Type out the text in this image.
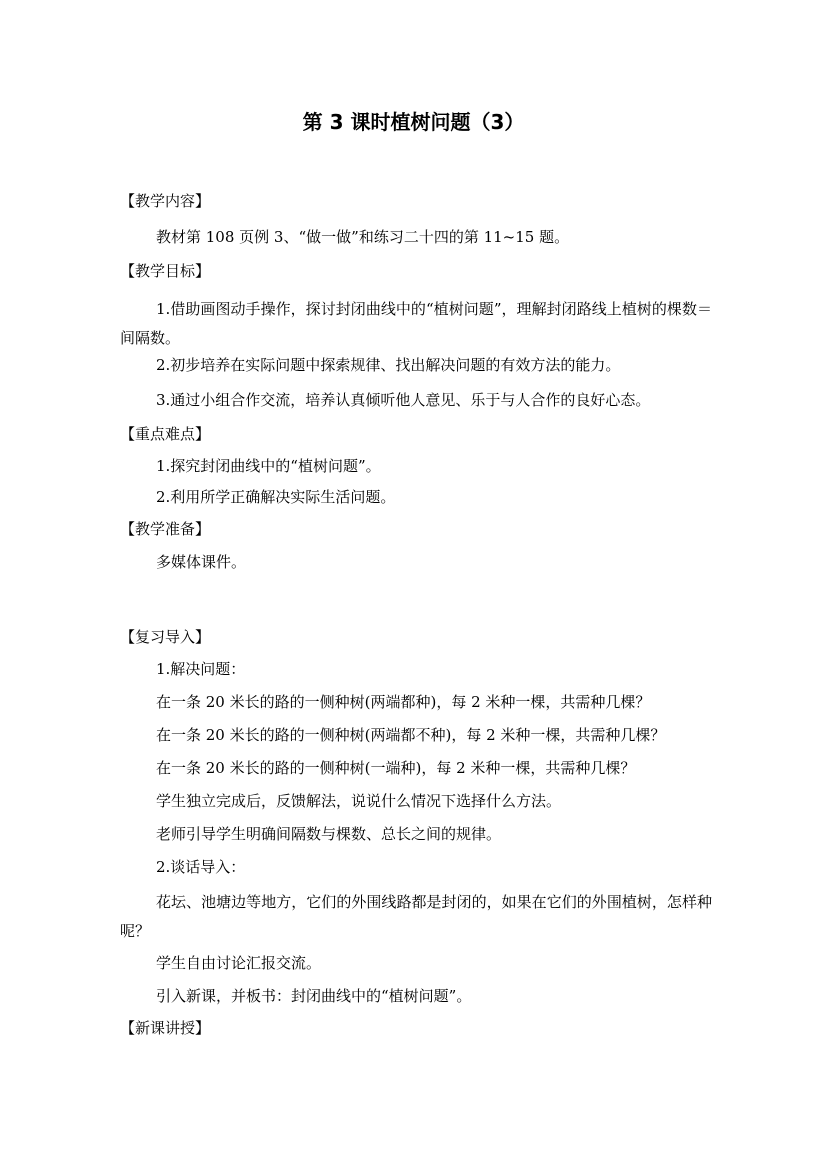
第 3 课时植树问题（3）
【教学内容】
教材第 108 页例 3、“做一做”和练习二十四的第 11~15 题。
【教学目标】
1.借助画图动手操作，探讨封闭曲线中的“植树问题”，理解封闭路线上植树的棵数＝间隔数。
2.初步培养在实际问题中探索规律、找出解决问题的有效方法的能力。
3.通过小组合作交流，培养认真倾听他人意见、乐于与人合作的良好心态。
【重点难点】
1.探究封闭曲线中的“植树问题”。
2.利用所学正确解决实际生活问题。
【教学准备】
多媒体课件。
【复习导入】
1.解决问题：
在一条 20 米长的路的一侧种树(两端都种)，每 2 米种一棵，共需种几棵？
在一条 20 米长的路的一侧种树(两端都不种)，每 2 米种一棵，共需种几棵？
在一条 20 米长的路的一侧种树(一端种)，每 2 米种一棵，共需种几棵？
学生独立完成后，反馈解法，说说什么情况下选择什么方法。
老师引导学生明确间隔数与棵数、总长之间的规律。
2.谈话导入：
花坛、池塘边等地方，它们的外围线路都是封闭的，如果在它们的外围植树，怎样种呢？
学生自由讨论汇报交流。
引入新课，并板书：封闭曲线中的“植树问题”。
【新课讲授】
